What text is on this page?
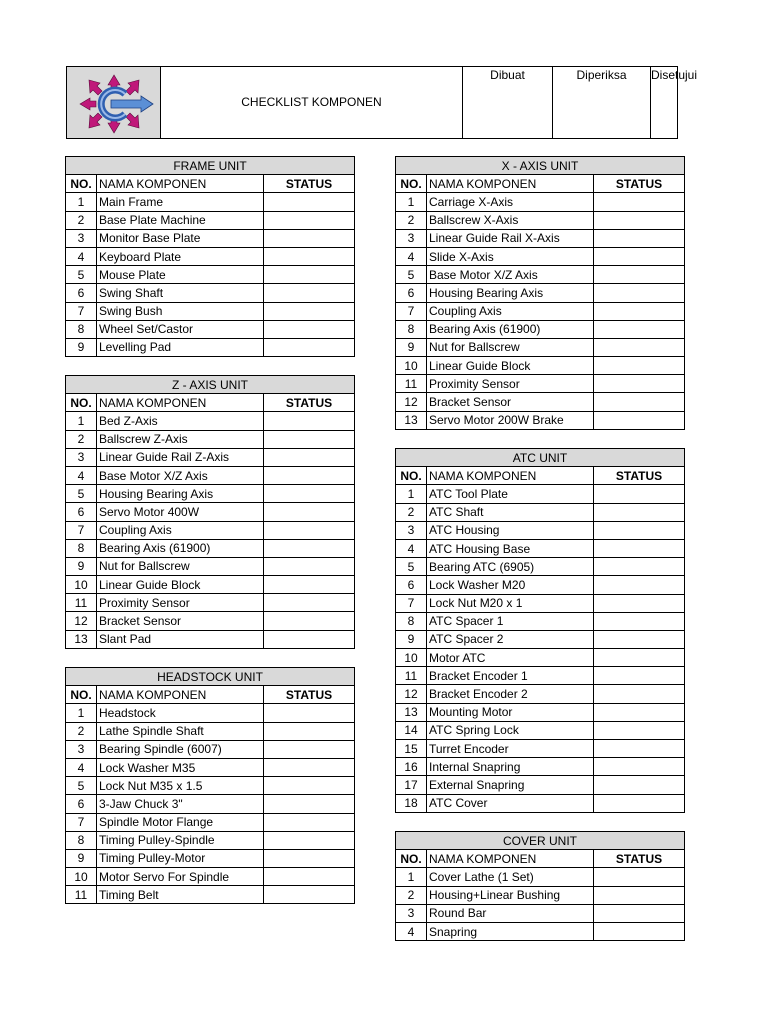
CHECKLIST KOMPONEN
Dibuat	Diperiksa	Disetujui
FRAME UNIT		
NO.	NAMA KOMPONEN	STATUS
1	Main Frame	
2	Base Plate Machine	
3	Monitor Base Plate	
4	Keyboard Plate	
5	Mouse Plate	
6	Swing Shaft	
7	Swing Bush	
8	Wheel Set/Castor	
9	Levelling Pad	
Z - AXIS UNIT		
NO.	NAMA KOMPONEN	STATUS
1	Bed Z-Axis	
2	Ballscrew Z-Axis	
3	Linear Guide Rail Z-Axis	
4	Base Motor X/Z Axis	
5	Housing Bearing Axis	
6	Servo Motor 400W	
7	Coupling Axis	
8	Bearing Axis (61900)	
9	Nut for Ballscrew	
10	Linear Guide Block	
11	Proximity Sensor	
12	Bracket Sensor	
13	Slant Pad	
HEADSTOCK UNIT		
NO.	NAMA KOMPONEN	STATUS
1	Headstock	
2	Lathe Spindle Shaft	
3	Bearing Spindle (6007)	
4	Lock Washer M35	
5	Lock Nut M35 x 1.5	
6	3-Jaw Chuck 3"	
7	Spindle Motor Flange	
8	Timing Pulley-Spindle	
9	Timing Pulley-Motor	
10	Motor Servo For Spindle	
11	Timing Belt	
X - AXIS UNIT		
NO.	NAMA KOMPONEN	STATUS
1	Carriage X-Axis	
2	Ballscrew X-Axis	
3	Linear Guide Rail X-Axis	
4	Slide X-Axis	
5	Base Motor X/Z Axis	
6	Housing Bearing Axis	
7	Coupling Axis	
8	Bearing Axis (61900)	
9	Nut for Ballscrew	
10	Linear Guide Block	
11	Proximity Sensor	
12	Bracket Sensor	
13	Servo Motor 200W Brake	
ATC UNIT		
NO.	NAMA KOMPONEN	STATUS
1	ATC Tool Plate	
2	ATC Shaft	
3	ATC Housing	
4	ATC Housing Base	
5	Bearing ATC (6905)	
6	Lock Washer M20	
7	Lock Nut M20 x 1	
8	ATC Spacer 1	
9	ATC Spacer 2	
10	Motor ATC	
11	Bracket Encoder 1	
12	Bracket Encoder 2	
13	Mounting Motor	
14	ATC Spring Lock	
15	Turret Encoder	
16	Internal Snapring	
17	External Snapring	
18	ATC Cover	
COVER UNIT		
NO.	NAMA KOMPONEN	STATUS
1	Cover Lathe (1 Set)	
2	Housing+Linear Bushing	
3	Round Bar	
4	Snapring	
